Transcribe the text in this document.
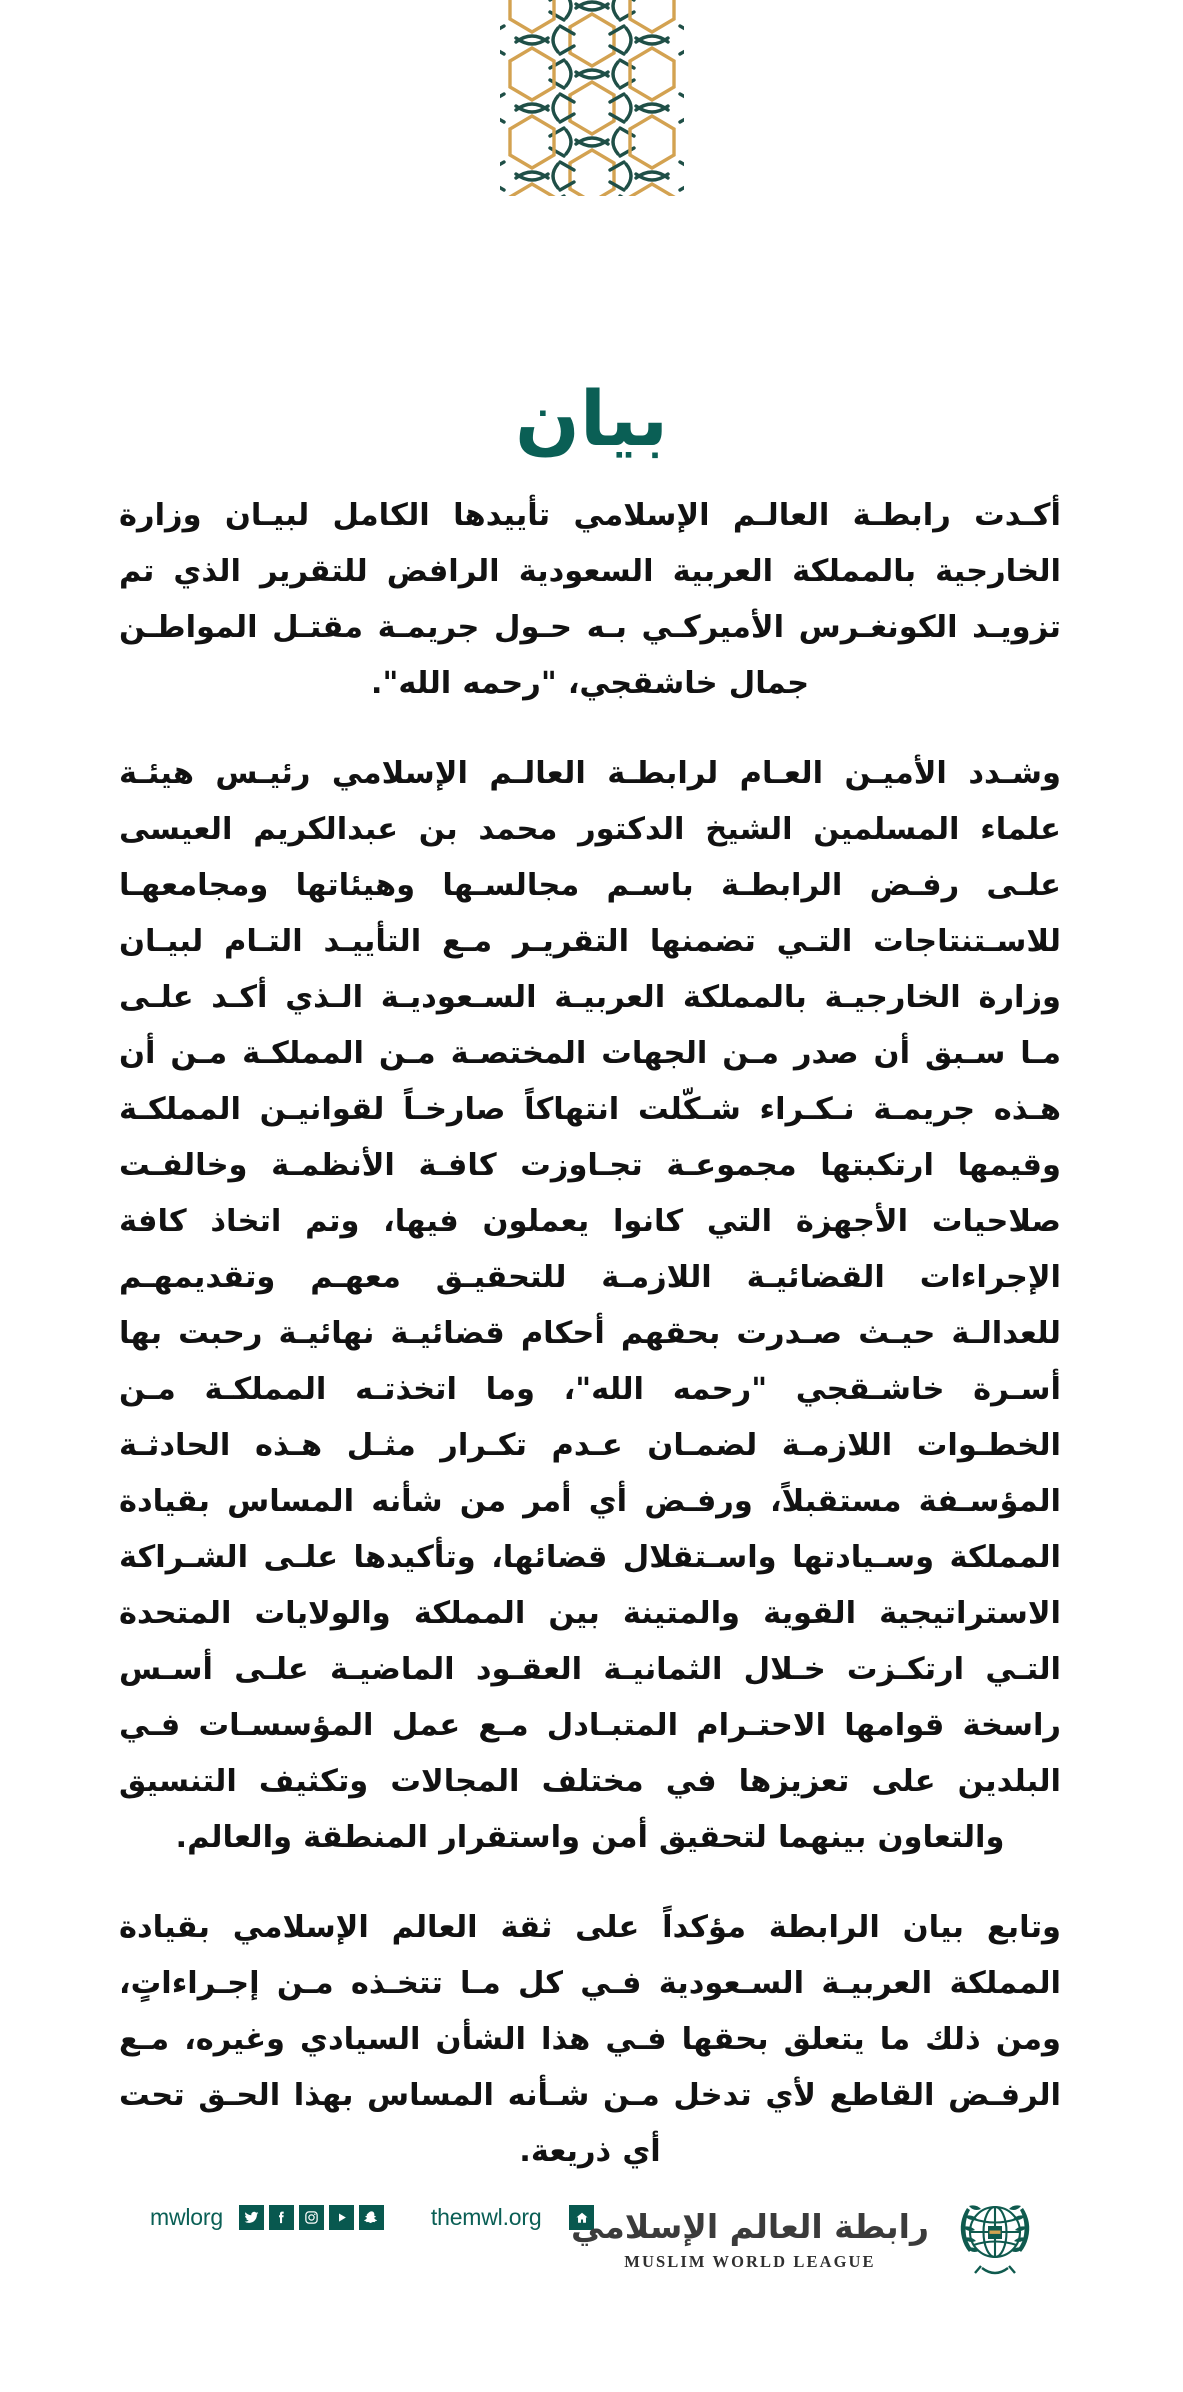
بيان

أكـدت رابطـة العالـم الإسلامي تأييدها الكامل لبيـان وزارة الخارجية بالمملكة العربية السعودية الرافض للتقرير الذي تم تزويـد الكونغـرس الأميركـي بـه حـول جريمـة مقتـل المواطـن جمال خاشقجي، "رحمه الله".

وشـدد الأميـن العـام لرابطـة العالـم الإسلامي رئيـس هيئـة علماء المسلمين الشيخ الدكتور محمد بن عبدالكريم العيسى علـى رفـض الرابطـة باسـم مجالسـها وهيئاتها ومجامعهـا للاسـتنتاجات التـي تضمنها التقريـر مـع التأييـد التـام لبيـان وزارة الخارجيـة بالمملكة العربيـة السـعوديـة الـذي أكـد علـى مـا سـبق أن صدر مـن الجهات المختصـة مـن المملكـة مـن أن هـذه جريمـة نـكـراء شـكّلت انتهاكاً صارخـاً لقوانيـن المملكـة وقيمها ارتكبتها مجموعـة تجـاوزت كافـة الأنظمـة وخالفـت صلاحيات الأجهزة التي كانوا يعملون فيها، وتم اتخاذ كافة الإجراءات القضائيـة اللازمـة للتحقيـق معهـم وتقديمهـم للعدالـة حيـث صـدرت بحقهم أحكام قضائيـة نهائيـة رحبت بها أسـرة خاشـقجي "رحمه الله"، وما اتخذتـه المملكـة مـن الخطـوات اللازمـة لضمـان عـدم تكـرار مثـل هـذه الحادثـة المؤسـفة مستقبلاً، ورفـض أي أمر من شأنه المساس بقيادة المملكة وسـيادتها واسـتقلال قضائها، وتأكيدها علـى الشـراكة الاستراتيجية القوية والمتينة بين المملكة والولايات المتحدة التـي ارتكـزت خـلال الثمانيـة العقـود الماضيـة علـى أسـس راسخة قوامها الاحتـرام المتبـادل مـع عمل المؤسسـات فـي البلدين على تعزيزها في مختلف المجالات وتكثيف التنسيق والتعاون بينهما لتحقيق أمن واستقرار المنطقة والعالم.

وتابع بيان الرابطة مؤكداً على ثقة العالم الإسلامي بقيادة المملكة العربيـة السـعودية فـي كل مـا تتخـذه مـن إجـراءاتٍ، ومن ذلك ما يتعلق بحقها فـي هذا الشأن السيادي وغيره، مـع الرفـض القاطع لأي تدخل مـن شـأنه المساس بهذا الحـق تحت أي ذريعة.

mwlorg	themwl.org رابطة العالم الإسلامي
MUSLIM WORLD LEAGUE
